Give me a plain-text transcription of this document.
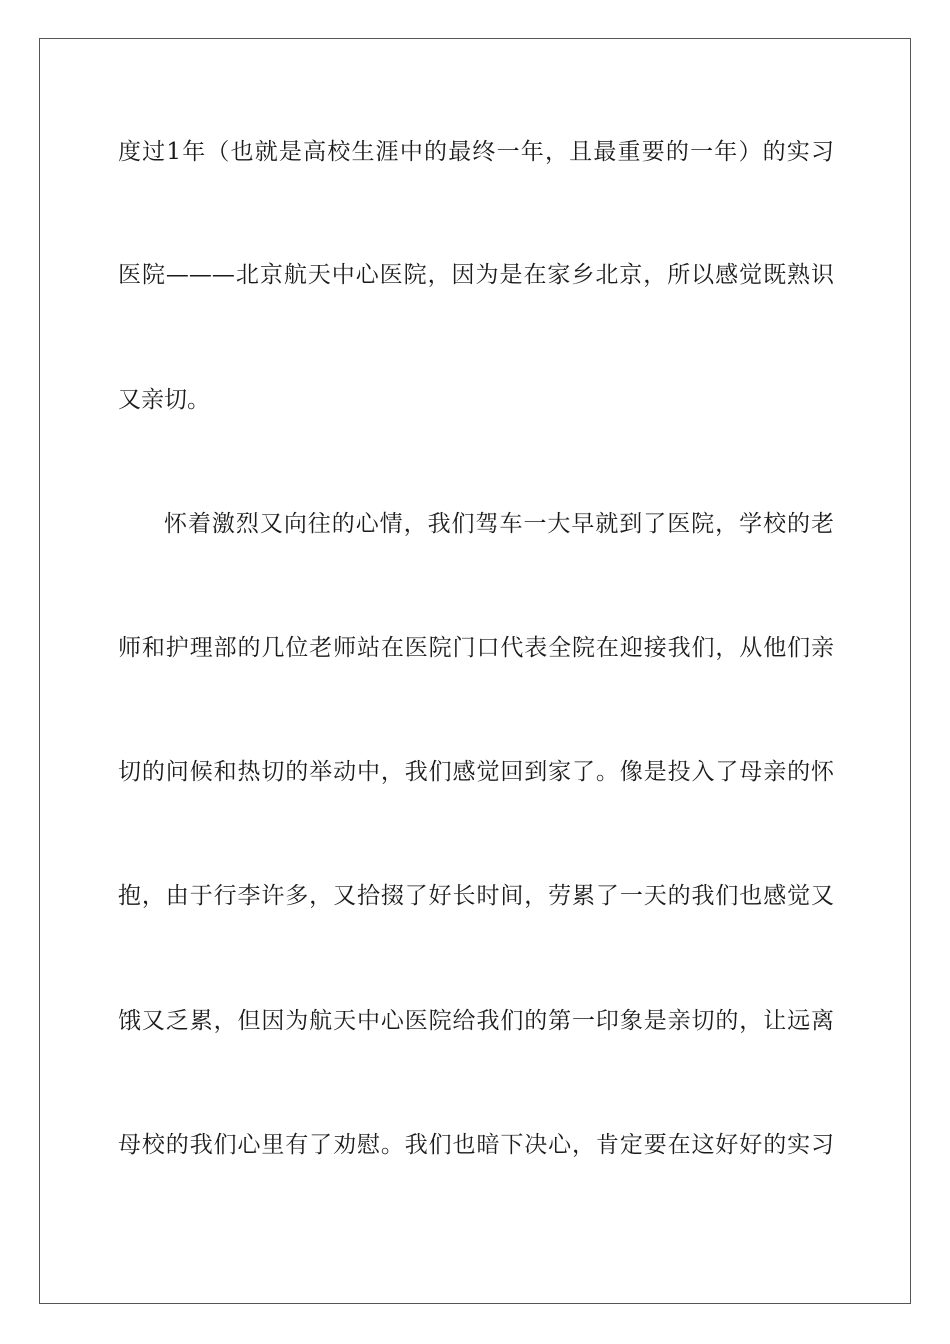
度过1年（也就是高校生涯中的最终一年，且最重要的一年）的实习
医院———北京航天中心医院，因为是在家乡北京，所以感觉既熟识
又亲切。
怀着激烈又向往的心情，我们驾车一大早就到了医院，学校的老
师和护理部的几位老师站在医院门口代表全院在迎接我们，从他们亲
切的问候和热切的举动中，我们感觉回到家了。像是投入了母亲的怀
抱，由于行李许多，又拾掇了好长时间，劳累了一天的我们也感觉又
饿又乏累，但因为航天中心医院给我们的第一印象是亲切的，让远离
母校的我们心里有了劝慰。我们也暗下决心，肯定要在这好好的实习
